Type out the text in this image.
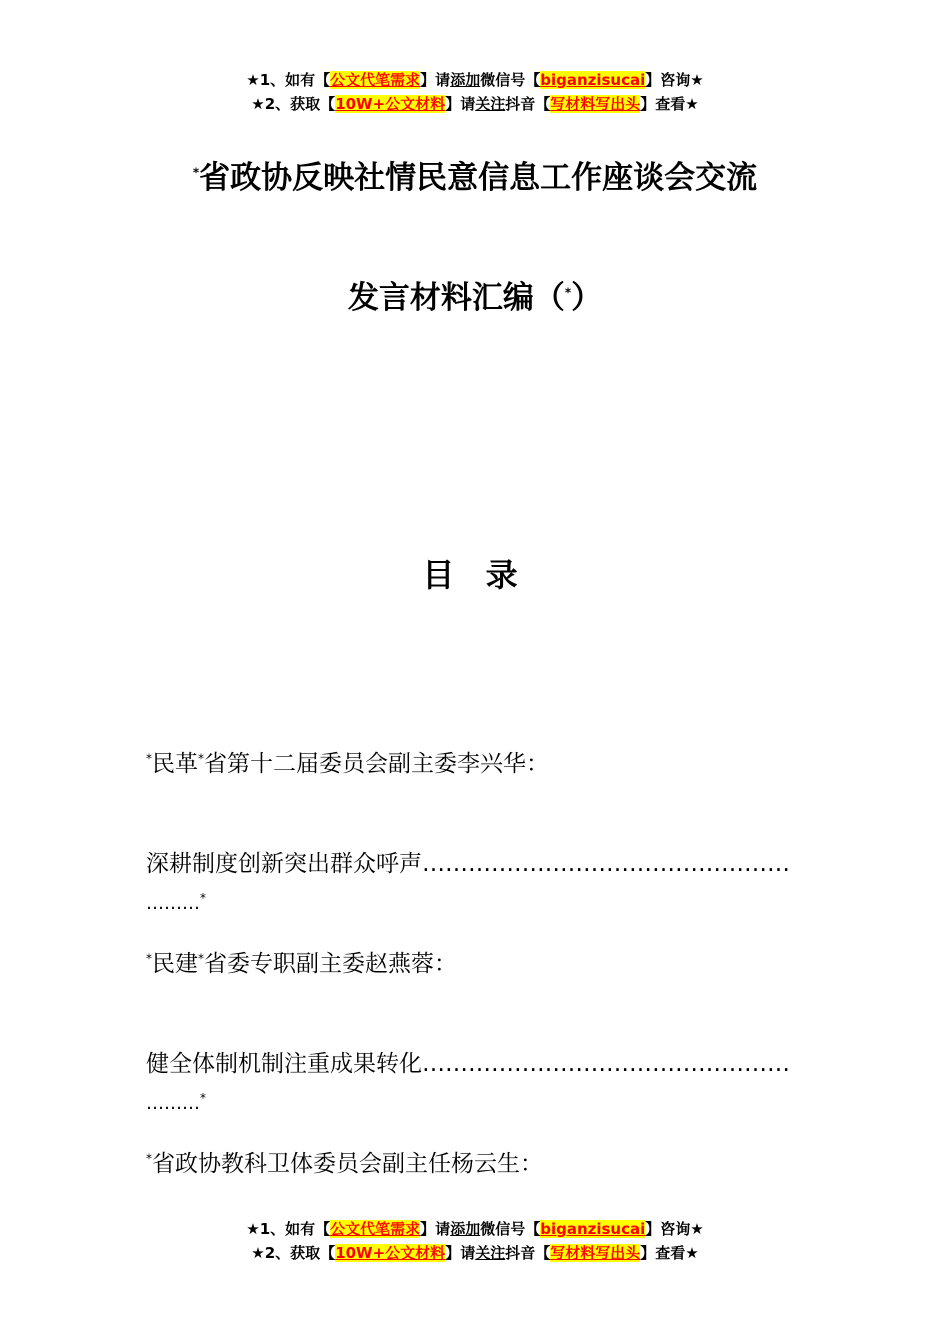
★1、如有【公文代笔需求】请添加微信号【biganzisucai】咨询★
★2、获取【10W+公文材料】请关注抖音【写材料写出头】查看★
*省政协反映社情民意信息工作座谈会交流
发言材料汇编（*）
目 录
*民革*省第十二届委员会副主委李兴华：
深耕制度创新突出群众呼声…………………………………………
………*
*民建*省委专职副主委赵燕蓉：
健全体制机制注重成果转化…………………………………………
………*
*省政协教科卫体委员会副主任杨云生：
★1、如有【公文代笔需求】请添加微信号【biganzisucai】咨询★
★2、获取【10W+公文材料】请关注抖音【写材料写出头】查看★
